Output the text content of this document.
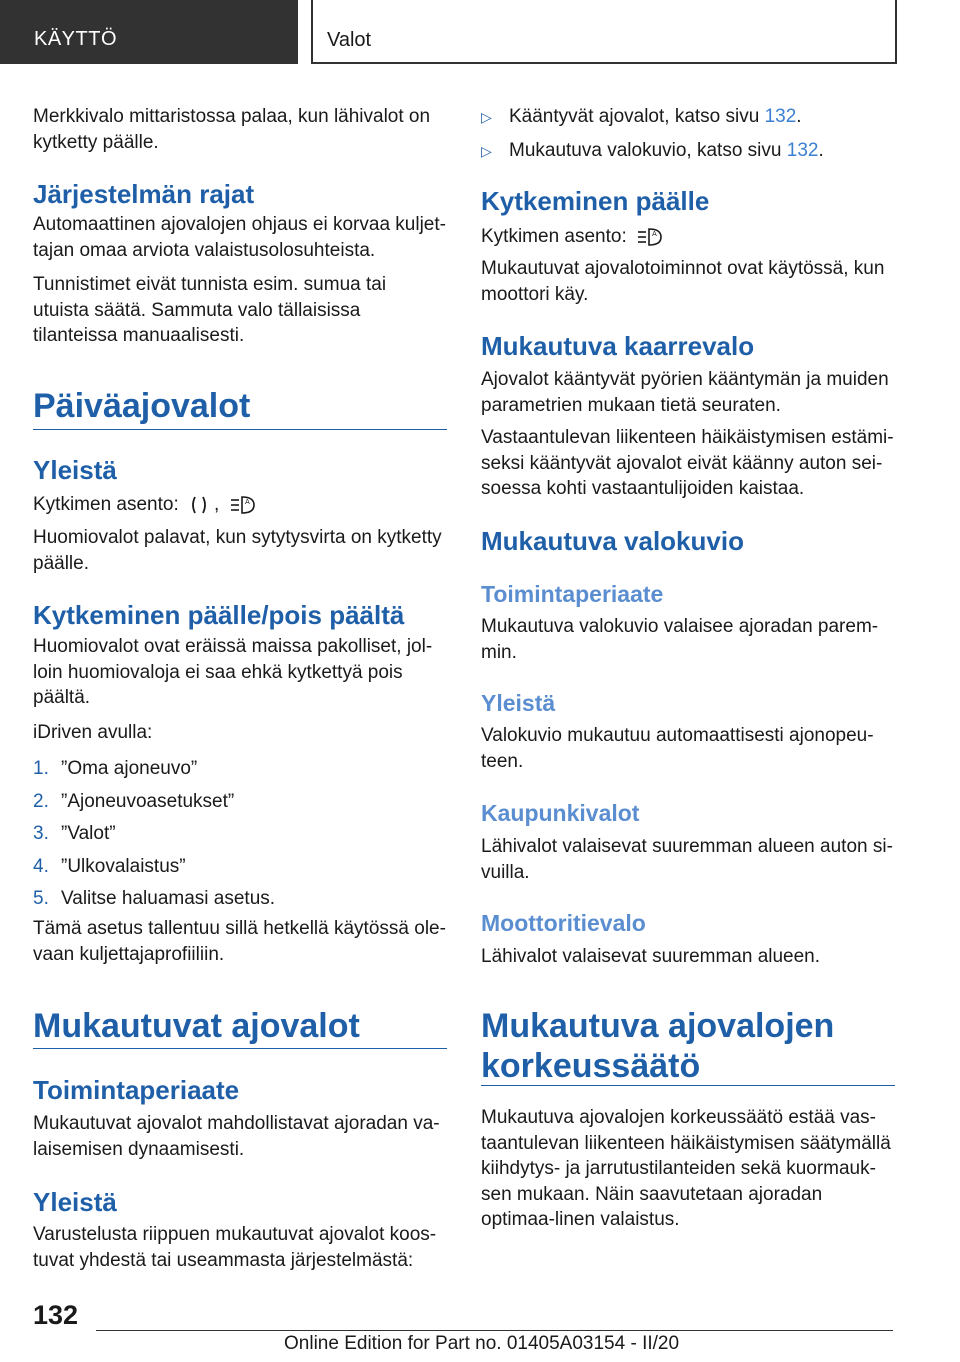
KÄYTTÖ	Valot

Merkkivalo mittaristossa palaa, kun lähivalot on kytketty päälle.

Järjestelmän rajat

Automaattinen ajovalojen ohjaus ei korvaa kuljet-tajan omaa arviota valaistusolosuhteista.

Tunnistimet eivät tunnista esim. sumua tai utuista säätä. Sammuta valo tällaisissa tilanteissa manuaalisesti.

Päiväajovalot
Yleistä

Kytkimen asento: ,	A

Huomiovalot palavat, kun sytytysvirta on kytketty päälle.

Kytkeminen päälle/pois päältä

Huomiovalot ovat eräissä maissa pakolliset, jol-loin huomiovaloja ei saa ehkä kytkettyä pois päältä.

iDriven avulla:

1. ”Oma ajoneuvo”

2. ”Ajoneuvoasetukset”

3. ”Valot”

4. ”Ulkovalaistus”

5. Valitse haluamasi asetus.

Tämä asetus tallentuu sillä hetkellä käytössä ole-vaan kuljettajaprofiiliin.

Mukautuvat ajovalot
Toimintaperiaate

Mukautuvat ajovalot mahdollistavat ajoradan va-laisemisen dynaamisesti.

Yleistä

Varustelusta riippuen mukautuvat ajovalot koos-tuvat yhdestä tai useammasta järjestelmästä:

▷ Kääntyvät ajovalot, katso sivu 132.

▷ Mukautuva valokuvio, katso sivu 132.

Kytkeminen päälle

Kytkimen asento:	A

Mukautuvat ajovalotoiminnot ovat käytössä, kun moottori käy.

Mukautuva kaarrevalo

Ajovalot kääntyvät pyörien kääntymän ja muiden parametrien mukaan tietä seuraten.

Vastaantulevan liikenteen häikäistymisen estämi-seksi kääntyvät ajovalot eivät käänny auton sei-soessa kohti vastaantulijoiden kaistaa.

Mukautuva valokuvio
Toimintaperiaate

Mukautuva valokuvio valaisee ajoradan parem-min.

Yleistä

Valokuvio mukautuu automaattisesti ajonopeu-teen.

Kaupunkivalot

Lähivalot valaisevat suuremman alueen auton si-vuilla.

Moottoritievalo

Lähivalot valaisevat suuremman alueen.

Mukautuva ajovalojen
korkeussäätö

Mukautuva ajovalojen korkeussäätö estää vas-taantulevan liikenteen häikäistymisen säätymällä kiihdytys- ja jarrutustilanteiden sekä kuormauk-sen mukaan. Näin saavutetaan ajoradan optimaa-linen valaistus.

132
Online Edition for Part no. 01405A03154 - II/20
